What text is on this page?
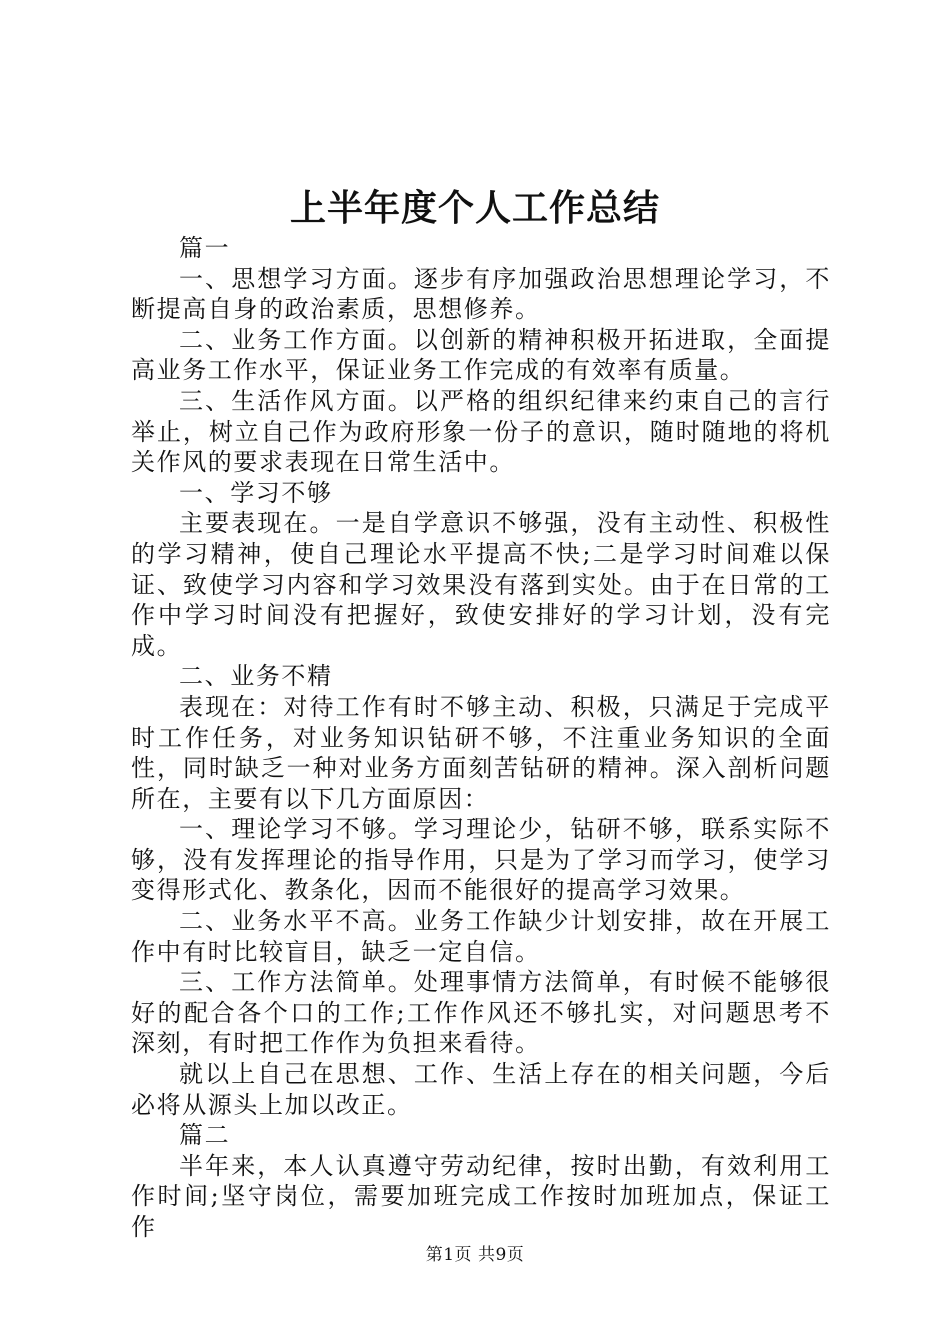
上半年度个人工作总结

篇一

一、思想学习方面。逐步有序加强政治思想理论学习，不断提高自身的政治素质，思想修养。

二、业务工作方面。以创新的精神积极开拓进取，全面提高业务工作水平，保证业务工作完成的有效率有质量。

三、生活作风方面。以严格的组织纪律来约束自己的言行举止，树立自己作为政府形象一份子的意识，随时随地的将机关作风的要求表现在日常生活中。

一、学习不够

主要表现在。一是自学意识不够强，没有主动性、积极性的学习精神，使自己理论水平提高不快;二是学习时间难以保证、致使学习内容和学习效果没有落到实处。由于在日常的工作中学习时间没有把握好，致使安排好的学习计划，没有完成。

二、业务不精

表现在：对待工作有时不够主动、积极，只满足于完成平时工作任务，对业务知识钻研不够，不注重业务知识的全面性，同时缺乏一种对业务方面刻苦钻研的精神。深入剖析问题所在，主要有以下几方面原因：

一、理论学习不够。学习理论少，钻研不够，联系实际不够，没有发挥理论的指导作用，只是为了学习而学习，使学习变得形式化、教条化，因而不能很好的提高学习效果。

二、业务水平不高。业务工作缺少计划安排，故在开展工作中有时比较盲目，缺乏一定自信。

三、工作方法简单。处理事情方法简单，有时候不能够很好的配合各个口的工作;工作作风还不够扎实，对问题思考不深刻，有时把工作作为负担来看待。

就以上自己在思想、工作、生活上存在的相关问题，今后必将从源头上加以改正。

篇二

半年来，本人认真遵守劳动纪律，按时出勤，有效利用工作时间;坚守岗位，需要加班完成工作按时加班加点，保证工作

第1页 共9页
